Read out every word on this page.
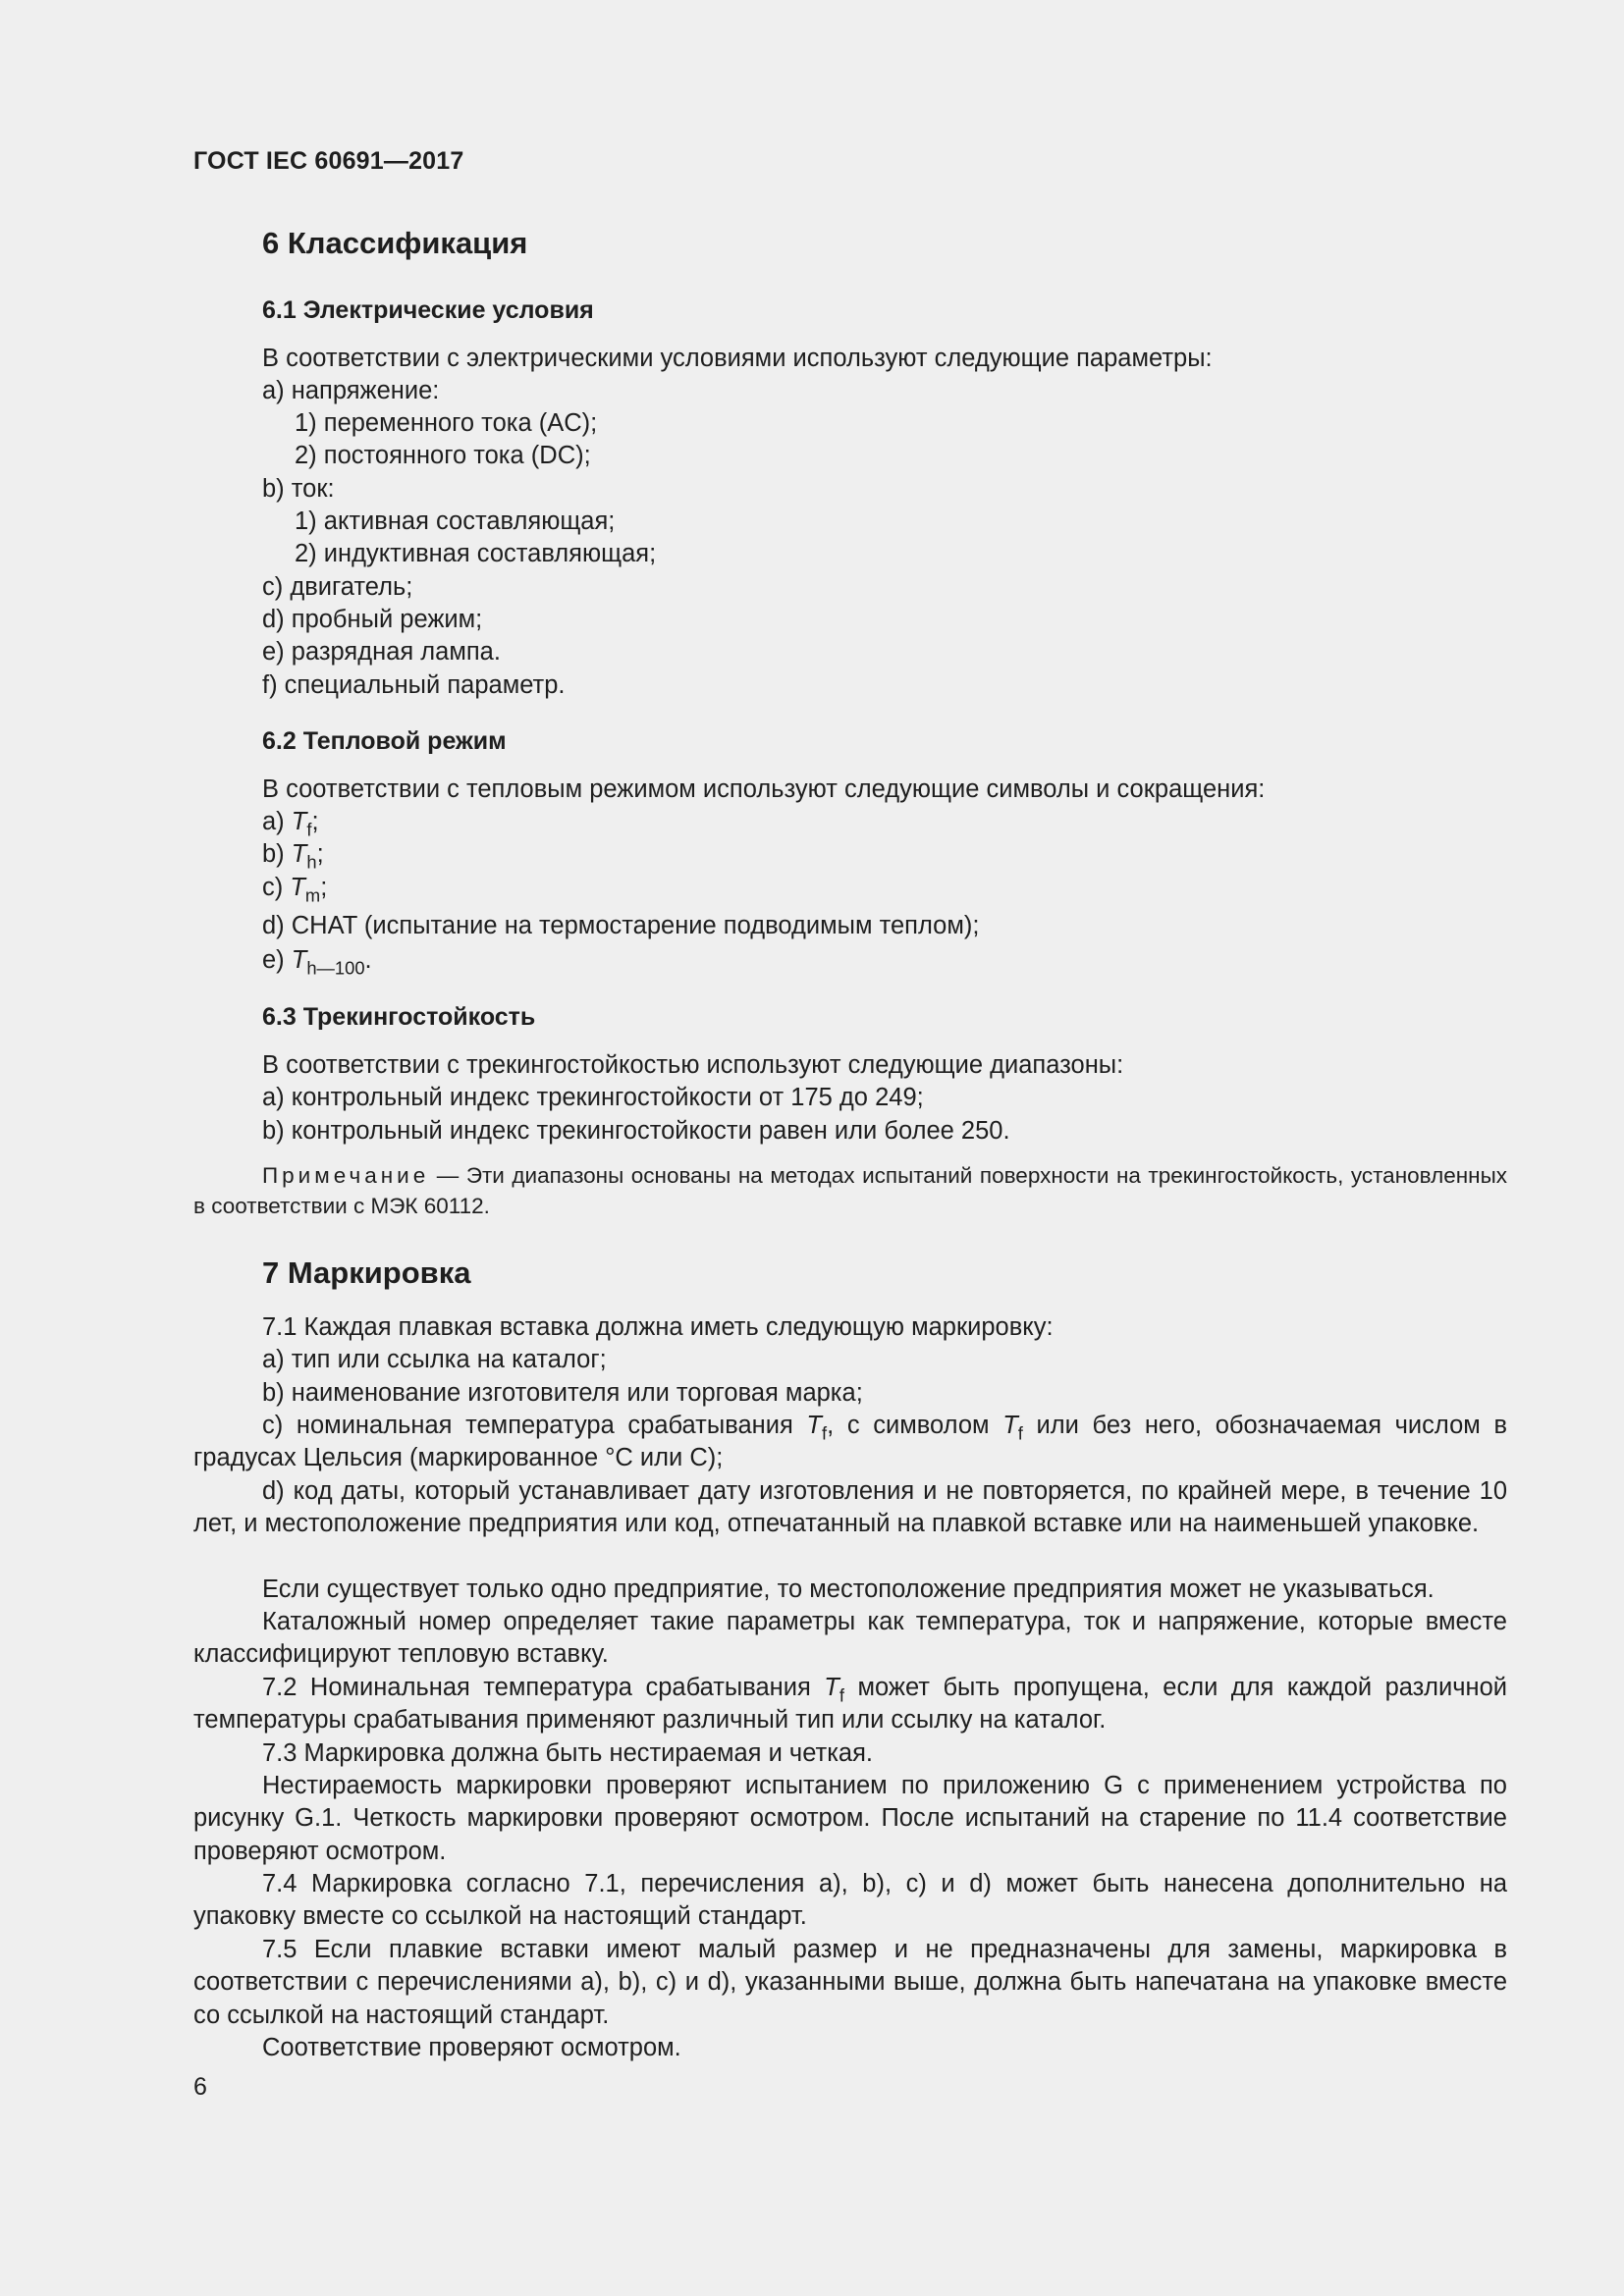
ГОСТ IEC 60691—2017
6 Классификация
6.1 Электрические условия
В соответствии с электрическими условиями используют следующие параметры:
a) напряжение:
1) переменного тока (AC);
2) постоянного тока (DC);
b) ток:
1) активная составляющая;
2) индуктивная составляющая;
c) двигатель;
d) пробный режим;
e) разрядная лампа.
f) специальный параметр.
6.2 Тепловой режим
В соответствии с тепловым режимом используют следующие символы и сокращения:
a) $T_f$;
b) $T_h$;
c) $T_m$;
d) CHAT (испытание на термостарение подводимым теплом);
e) $T_{h—100}$.
6.3 Трекингостойкость
В соответствии с трекингостойкостью используют следующие диапазоны:
a) контрольный индекс трекингостойкости от 175 до 249;
b) контрольный индекс трекингостойкости равен или более 250.
Примечание — Эти диапазоны основаны на методах испытаний поверхности на трекингостойкость, установленных в соответствии с МЭК 60112.
7 Маркировка
7.1 Каждая плавкая вставка должна иметь следующую маркировку:
a) тип или ссылка на каталог;
b) наименование изготовителя или торговая марка;
c) номинальная температура срабатывания $T_f$, с символом $T_f$ или без него, обозначаемая числом в градусах Цельсия (маркированное °C или C);
d) код даты, который устанавливает дату изготовления и не повторяется, по крайней мере, в течение 10 лет, и местоположение предприятия или код, отпечатанный на плавкой вставке или на наименьшей упаковке.
Если существует только одно предприятие, то местоположение предприятия может не указываться.
Каталожный номер определяет такие параметры как температура, ток и напряжение, которые вместе классифицируют тепловую вставку.
7.2 Номинальная температура срабатывания $T_f$ может быть пропущена, если для каждой различной температуры срабатывания применяют различный тип или ссылку на каталог.
7.3 Маркировка должна быть нестираемая и четкая.
Нестираемость маркировки проверяют испытанием по приложению G с применением устройства по рисунку G.1. Четкость маркировки проверяют осмотром. После испытаний на старение по 11.4 соответствие проверяют осмотром.
7.4 Маркировка согласно 7.1, перечисления a), b), c) и d) может быть нанесена дополнительно на упаковку вместе со ссылкой на настоящий стандарт.
7.5 Если плавкие вставки имеют малый размер и не предназначены для замены, маркировка в соответствии с перечислениями a), b), c) и d), указанными выше, должна быть напечатана на упаковке вместе со ссылкой на настоящий стандарт.
Соответствие проверяют осмотром.
6
